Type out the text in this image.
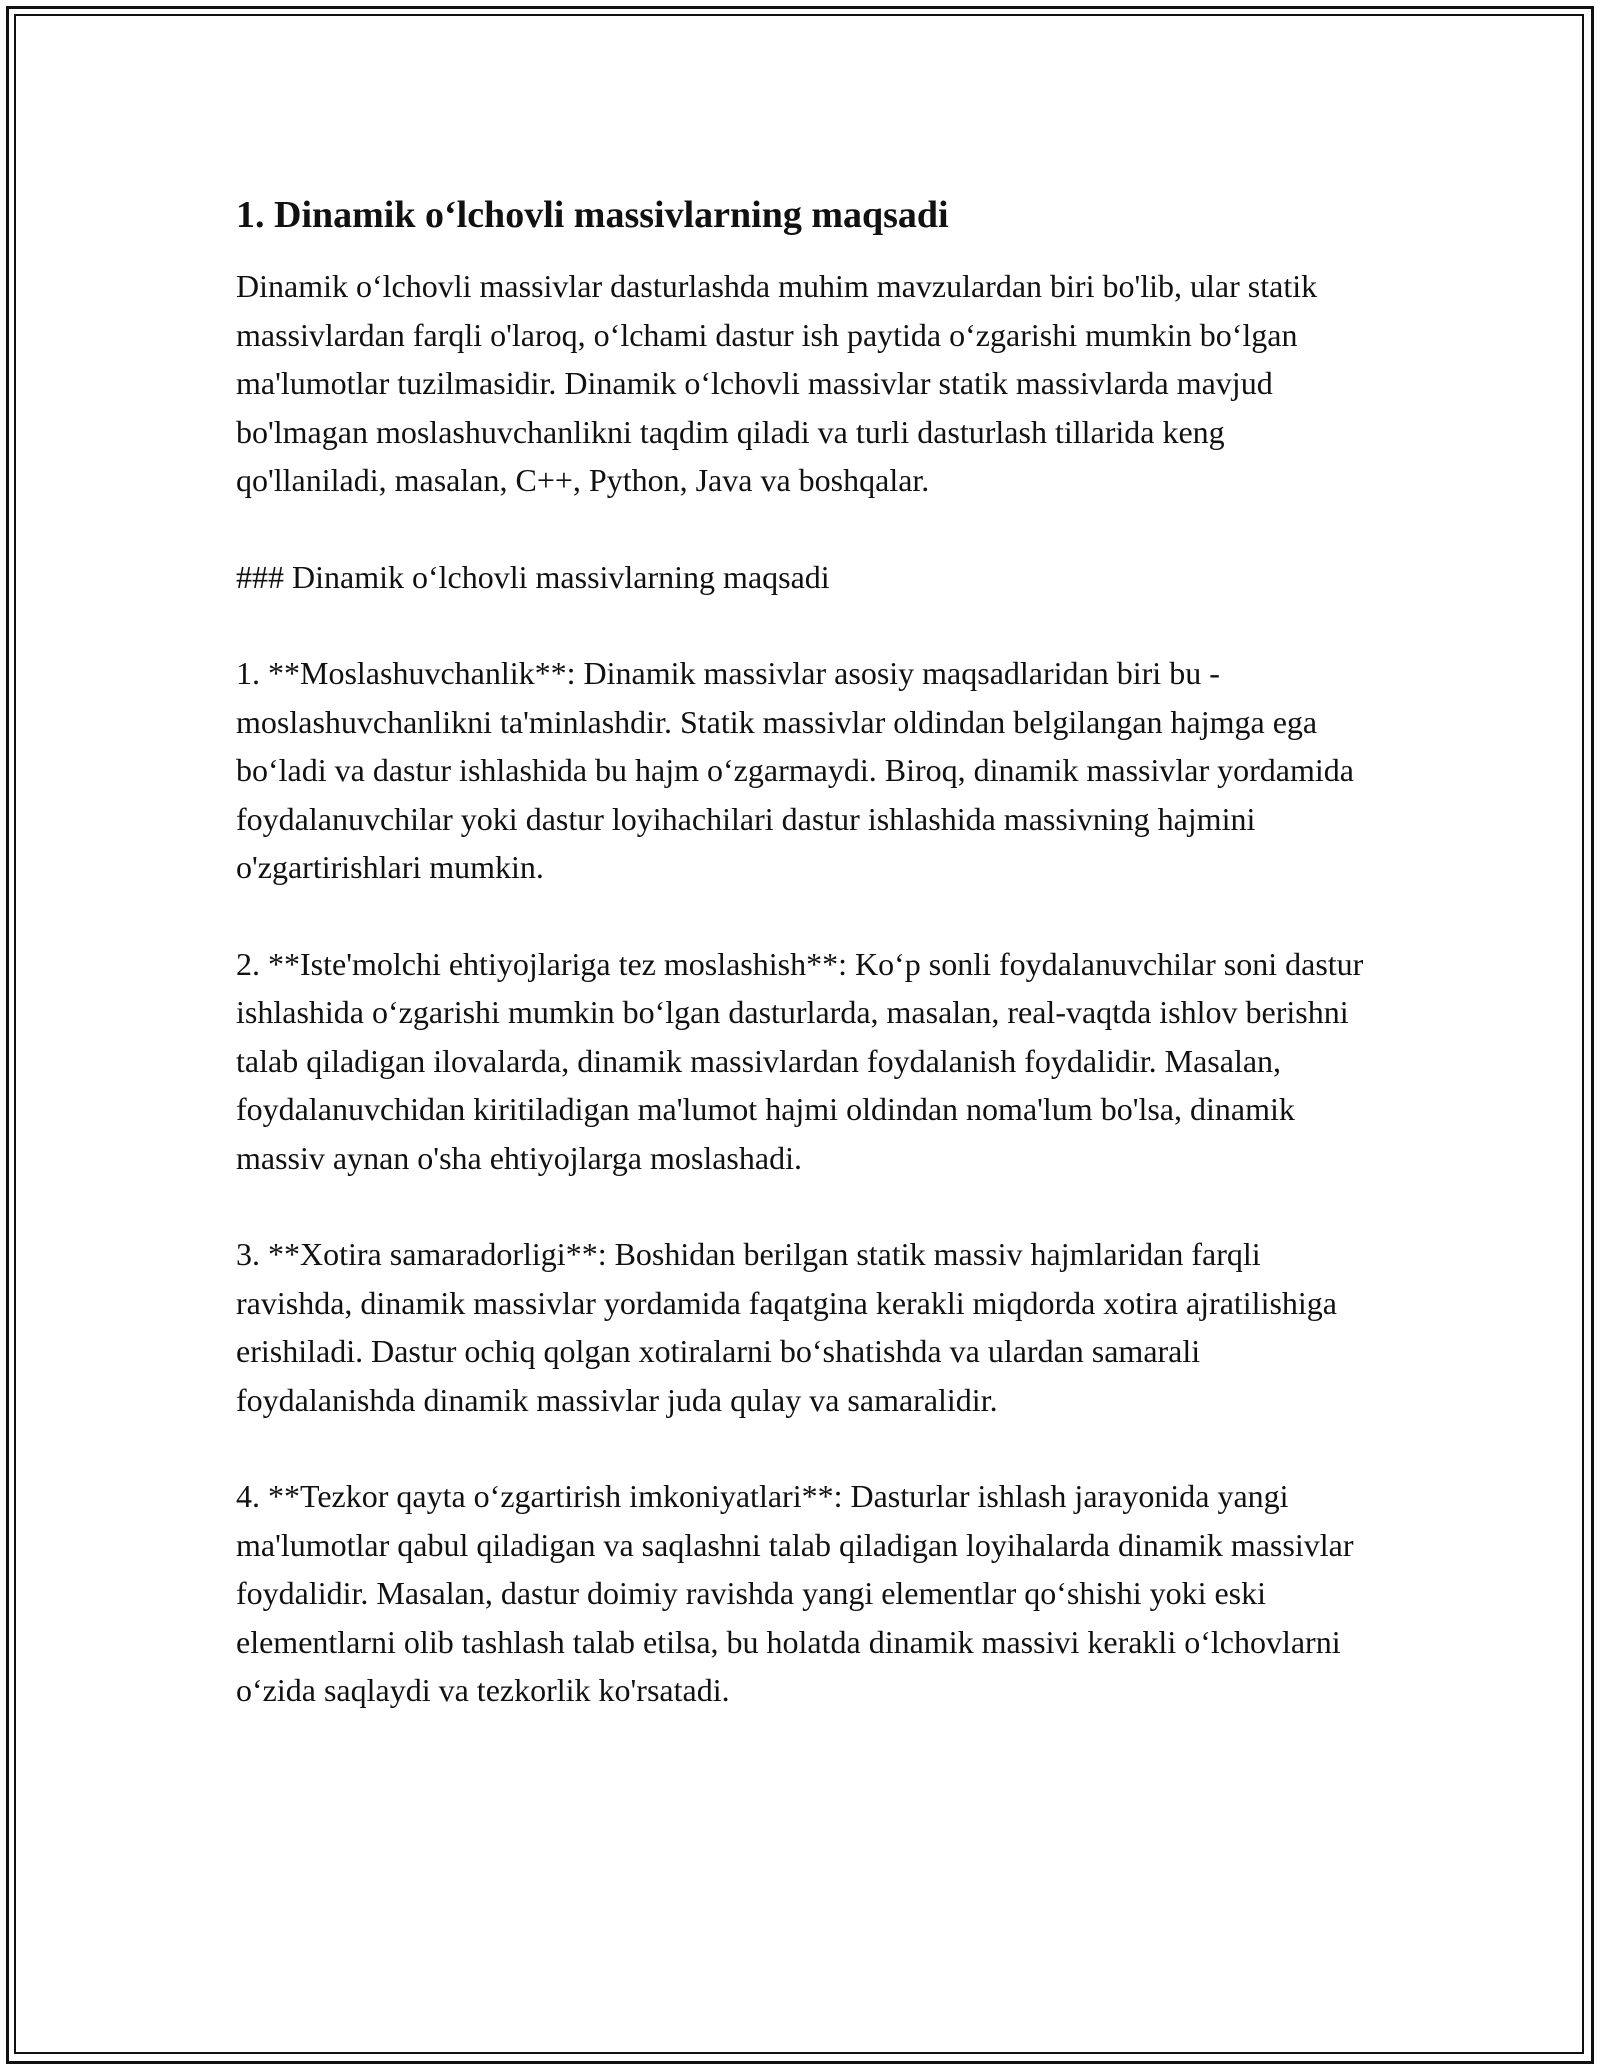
1. Dinamik o‘lchovli massivlarning maqsadi

Dinamik o‘lchovli massivlar dasturlashda muhim mavzulardan biri bo'lib, ular statik massivlardan farqli o'laroq, o‘lchami dastur ish paytida o‘zgarishi mumkin bo‘lgan ma'lumotlar tuzilmasidir. Dinamik o‘lchovli massivlar statik massivlarda mavjud bo'lmagan moslashuvchanlikni taqdim qiladi va turli dasturlash tillarida keng qo'llaniladi, masalan, C++, Python, Java va boshqalar.

### Dinamik o‘lchovli massivlarning maqsadi

1. **Moslashuvchanlik**: Dinamik massivlar asosiy maqsadlaridan biri bu - moslashuvchanlikni ta'minlashdir. Statik massivlar oldindan belgilangan hajmga ega bo‘ladi va dastur ishlashida bu hajm o‘zgarmaydi. Biroq, dinamik massivlar yordamida foydalanuvchilar yoki dastur loyihachilari dastur ishlashida massivning hajmini o'zgartirishlari mumkin.

2. **Iste'molchi ehtiyojlariga tez moslashish**: Ko‘p sonli foydalanuvchilar soni dastur ishlashida o‘zgarishi mumkin bo‘lgan dasturlarda, masalan, real-vaqtda ishlov berishni talab qiladigan ilovalarda, dinamik massivlardan foydalanish foydalidir. Masalan, foydalanuvchidan kiritiladigan ma'lumot hajmi oldindan noma'lum bo'lsa, dinamik massiv aynan o'sha ehtiyojlarga moslashadi.

3. **Xotira samaradorligi**: Boshidan berilgan statik massiv hajmlaridan farqli ravishda, dinamik massivlar yordamida faqatgina kerakli miqdorda xotira ajratilishiga erishiladi. Dastur ochiq qolgan xotiralarni bo‘shatishda va ulardan samarali foydalanishda dinamik massivlar juda qulay va samaralidir.

4. **Tezkor qayta o‘zgartirish imkoniyatlari**: Dasturlar ishlash jarayonida yangi ma'lumotlar qabul qiladigan va saqlashni talab qiladigan loyihalarda dinamik massivlar foydalidir. Masalan, dastur doimiy ravishda yangi elementlar qo‘shishi yoki eski elementlarni olib tashlash talab etilsa, bu holatda dinamik massivi kerakli o‘lchovlarni o‘zida saqlaydi va tezkorlik ko'rsatadi.
